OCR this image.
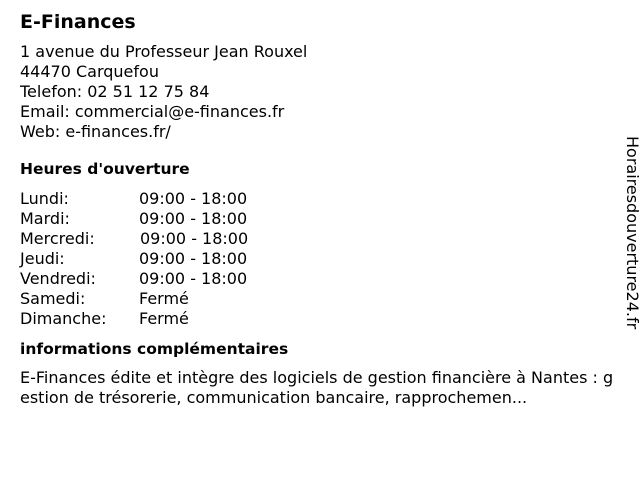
E-Finances
1 avenue du Professeur Jean Rouxel
44470 Carquefou
Telefon: 02 51 12 75 84
Email: commercial@e-finances.fr
Web: e-finances.fr/
Heures d'ouverture
Lundi:	09:00 - 18:00
Mardi:	09:00 - 18:00
Mercredi:	09:00 - 18:00
Jeudi:	09:00 - 18:00
Vendredi:	09:00 - 18:00
Samedi:	Fermé
Dimanche:	Fermé
informations complémentaires
E-Finances édite et intègre des logiciels de gestion financière à Nantes : gestion de trésorerie, communication bancaire, rapprochemen...
Horairesdouverture24.fr
